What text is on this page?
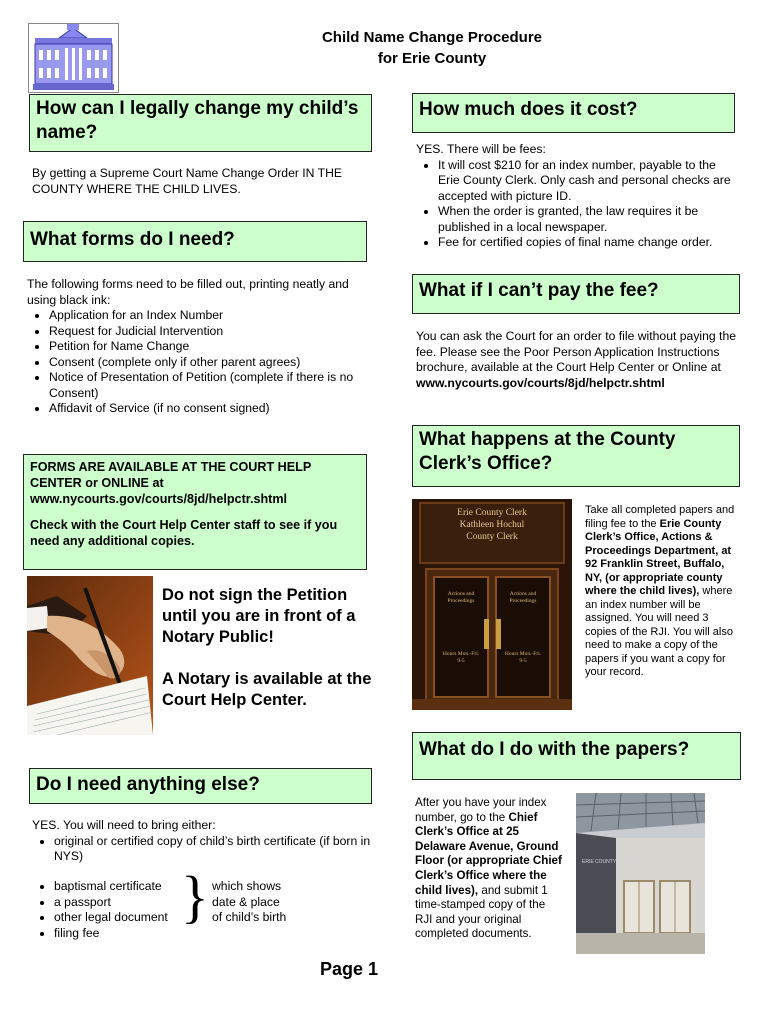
Child Name Change Procedure
for Erie County
How can I legally change my child’s name?
By getting a Supreme Court Name Change Order IN THE COUNTY WHERE THE CHILD LIVES.
What forms do I need?
The following forms need to be filled out, printing neatly and using black ink:
• Application for an Index Number
• Request for Judicial Intervention
• Petition for Name Change
• Consent (complete only if other parent agrees)
• Notice of Presentation of Petition (complete if there is no Consent)
• Affidavit of Service (if no consent signed)
FORMS ARE AVAILABLE AT THE COURT HELP CENTER or ONLINE at
www.nycourts.gov/courts/8jd/helpctr.shtml
Check with the Court Help Center staff to see if you need any additional copies.
Do not sign the Petition until you are in front of a Notary Public!
A Notary is available at the Court Help Center.
Do I need anything else?
YES. You will need to bring either:
• original or certified copy of child’s birth certificate (if born in NYS)
• baptismal certificate
• a passport
• other legal document
• filing fee
} which shows
date & place
of child’s birth
Page 1
How much does it cost?
YES. There will be fees:
• It will cost $210 for an index number, payable to the Erie County Clerk. Only cash and personal checks are accepted with picture ID.
• When the order is granted, the law requires it be published in a local newspaper.
• Fee for certified copies of final name change order.
What if I can’t pay the fee?
You can ask the Court for an order to file without paying the fee. Please see the Poor Person Application Instructions brochure, available at the Court Help Center or Online at
www.nycourts.gov/courts/8jd/helpctr.shtml
What happens at the County Clerk’s Office?
Erie County Clerk
Kathleen Hochul
County Clerk
Actions and Proceedings
Actions and Proceedings
Hours Mon.-Fri. 9-5
Hours Mon.-Fri. 9-5
Take all completed papers and filing fee to the Erie County Clerk’s Office, Actions & Proceedings Department, at 92 Franklin Street, Buffalo, NY, (or appropriate county where the child lives), where an index number will be assigned. You will need 3 copies of the RJI. You will also need to make a copy of the papers if you want a copy for your record.
What do I do with the papers?
After you have your index number, go to the Chief Clerk’s Office at 25 Delaware Avenue, Ground Floor (or appropriate Chief Clerk’s Office where the child lives), and submit 1 time-stamped copy of the RJI and your original completed documents.
ERIE COUNTY COURT
